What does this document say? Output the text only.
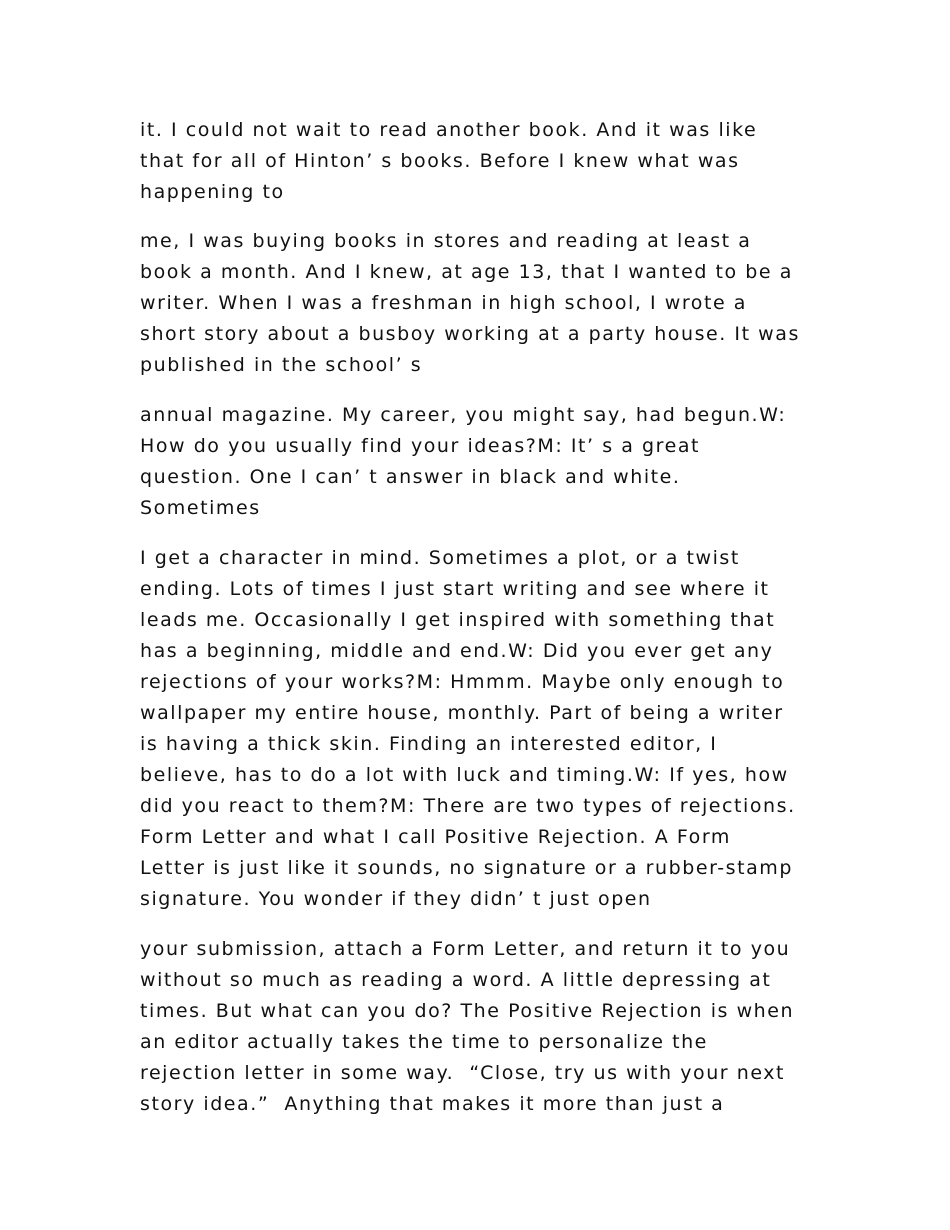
it. I could not wait to read another book. And it was like
that for all of Hinton’ s books. Before I knew what was
happening to
me, I was buying books in stores and reading at least a
book a month. And I knew, at age 13, that I wanted to be a
writer. When I was a freshman in high school, I wrote a
short story about a busboy working at a party house. It was
published in the school’ s
annual magazine. My career, you might say, had begun.W:
How do you usually find your ideas?M: It’ s a great
question. One I can’ t answer in black and white.
Sometimes
I get a character in mind. Sometimes a plot, or a twist
ending. Lots of times I just start writing and see where it
leads me. Occasionally I get inspired with something that
has a beginning, middle and end.W: Did you ever get any
rejections of your works?M: Hmmm. Maybe only enough to
wallpaper my entire house, monthly. Part of being a writer
is having a thick skin. Finding an interested editor, I
believe, has to do a lot with luck and timing.W: If yes, how
did you react to them?M: There are two types of rejections.
Form Letter and what I call Positive Rejection. A Form
Letter is just like it sounds, no signature or a rubber-stamp
signature. You wonder if they didn’ t just open
your submission, attach a Form Letter, and return it to you
without so much as reading a word. A little depressing at
times. But what can you do? The Positive Rejection is when
an editor actually takes the time to personalize the
rejection letter in some way.  “Close, try us with your next
story idea.”  Anything that makes it more than just a
